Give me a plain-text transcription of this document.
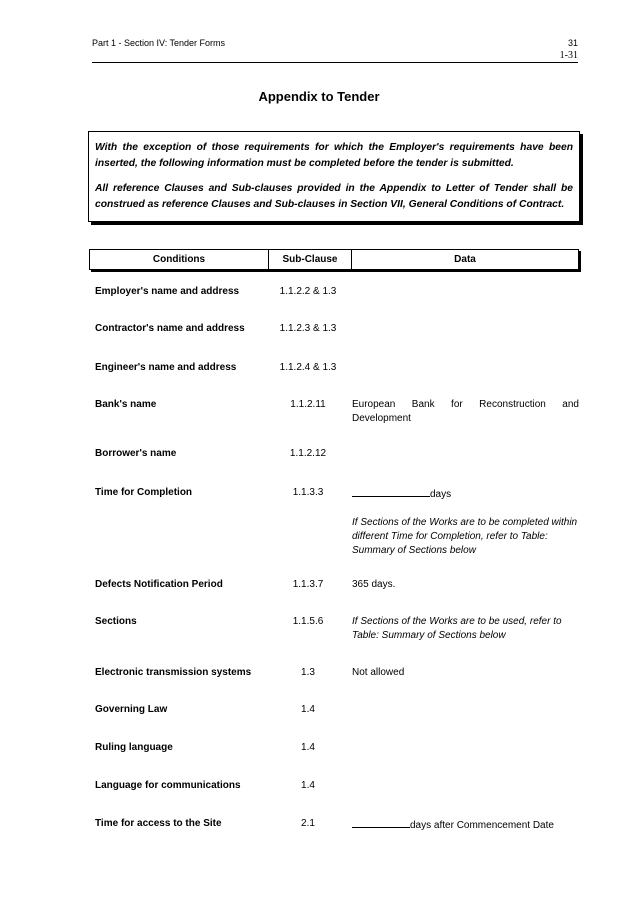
Part 1 - Section IV: Tender Forms	31
1-31
Appendix to Tender

With the exception of those requirements for which the Employer's requirements have been inserted, the following information must be completed before the tender is submitted.

All reference Clauses and Sub-clauses provided in the Appendix to Letter of Tender shall be construed as reference Clauses and Sub-clauses in Section VII, General Conditions of Contract.

Conditions	Sub-Clause	Data
Employer's name and address	1.1.2.2 & 1.3
Contractor's name and address	1.1.2.3 & 1.3
Engineer's name and address	1.1.2.4 & 1.3
Bank's name	1.1.2.11	European Bank for Reconstruction and Development
Borrower's name	1.1.2.12
Time for Completion	1.1.3.3	days
If Sections of the Works are to be completed within different Time for Completion, refer to Table: Summary of Sections below
Defects Notification Period	1.1.3.7	365 days.
Sections	1.1.5.6	If Sections of the Works are to be used, refer to Table: Summary of Sections below
Electronic transmission systems	1.3	Not allowed
Governing Law	1.4
Ruling language	1.4
Language for communications	1.4
Time for access to the Site	2.1	days after Commencement Date
